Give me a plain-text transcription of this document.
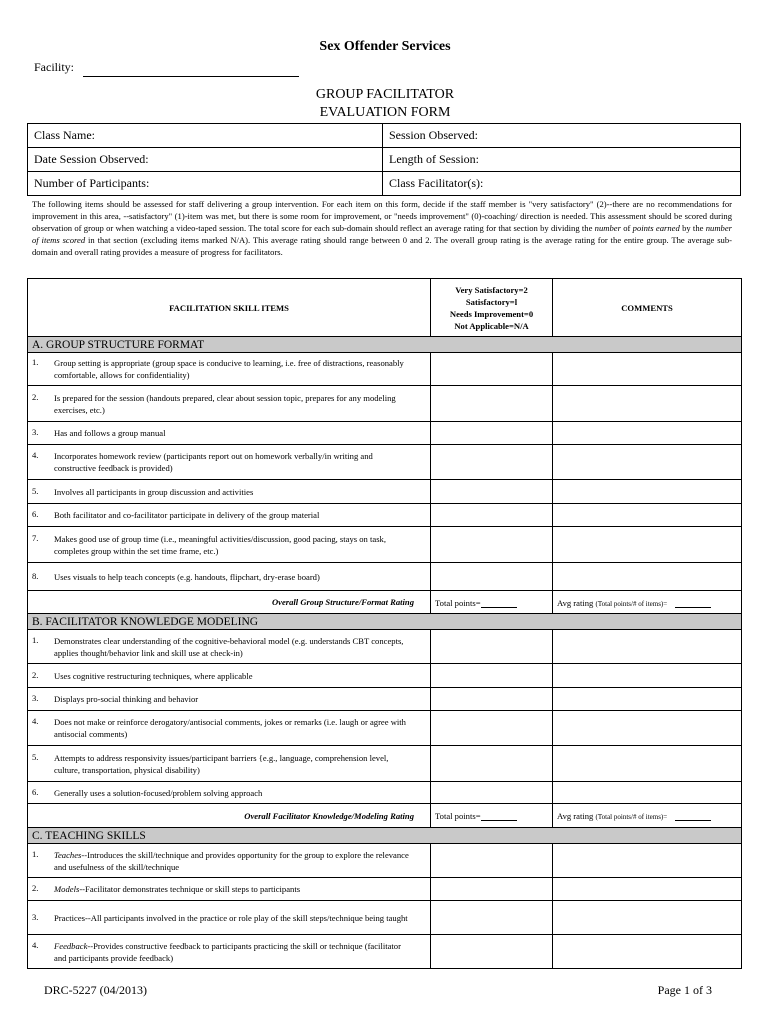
Sex Offender Services
Facility:
GROUP FACILITATOR
EVALUATION FORM
Class Name:	Session Observed:
Date Session Observed:	Length of Session:
Number of Participants:	Class Facilitator(s):
The following items should be assessed for staff delivering a group intervention. For each item on this form, decide if the staff member is "very satisfactory" (2)--there are no recommendations for improvement in this area, --satisfactory" (1)-item was met, but there is some room for improvement, or "needs improvement" (0)-coaching/ direction is needed. This assessment should be scored during observation of group or when watching a video-taped session. The total score for each sub-domain should reflect an average rating for that section by dividing the number of points earned by the number of items scored in that section (excluding items marked N/A). This average rating should range between 0 and 2. The overall group rating is the average rating for the entire group. The average sub-domain and overall rating provides a measure of progress for facilitators.
FACILITATION SKILL ITEMS	Very Satisfactory=2
Satisfactory=l
Needs Improvement=0
Not Applicable=N/A	COMMENTS
A. GROUP STRUCTURE FORMAT		
1. Group setting is appropriate (group space is conducive to learning, i.e. free of distractions, reasonably comfortable, allows for confidentiality)		
2. Is prepared for the session (handouts prepared, clear about session topic, prepares for any modeling exercises, etc.)		
3. Has and follows a group manual		
4. Incorporates homework review (participants report out on homework verbally/in writing and constructive feedback is provided)		
5. Involves all participants in group discussion and activities		
6. Both facilitator and co-facilitator participate in delivery of the group material		
7. Makes good use of group time (i.e., meaningful activities/discussion, good pacing, stays on task, completes group within the set time frame, etc.)		
8. Uses visuals to help teach concepts (e.g. handouts, flipchart, dry-erase board)		
Overall Group Structure/Format Rating	Total points=	Avg rating (Total points/# of items)=
B. FACILITATOR KNOWLEDGE MODELING		
1. Demonstrates clear understanding of the cognitive-behavioral model (e.g. understands CBT concepts, applies thought/behavior link and skill use at check-in)		
2. Uses cognitive restructuring techniques, where applicable		
3. Displays pro-social thinking and behavior		
4. Does not make or reinforce derogatory/antisocial comments, jokes or remarks (i.e. laugh or agree with antisocial comments)		
5. Attempts to address responsivity issues/participant barriers {e.g., language, comprehension level, culture, transportation, physical disability)		
6. Generally uses a solution-focused/problem solving approach		
Overall Facilitator Knowledge/Modeling Rating	Total points=	Avg rating (Total points/# of items)=
C. TEACHING SKILLS		
1. Teaches--Introduces the skill/technique and provides opportunity for the group to explore the relevance and usefulness of the skill/technique		
2. Models--Facilitator demonstrates technique or skill steps to participants		
3. Practices--All participants involved in the practice or role play of the skill steps/technique being taught		
4. Feedback--Provides constructive feedback to participants practicing the skill or technique (facilitator and participants provide feedback)		
DRC-5227 (04/2013)	Page 1 of 3
